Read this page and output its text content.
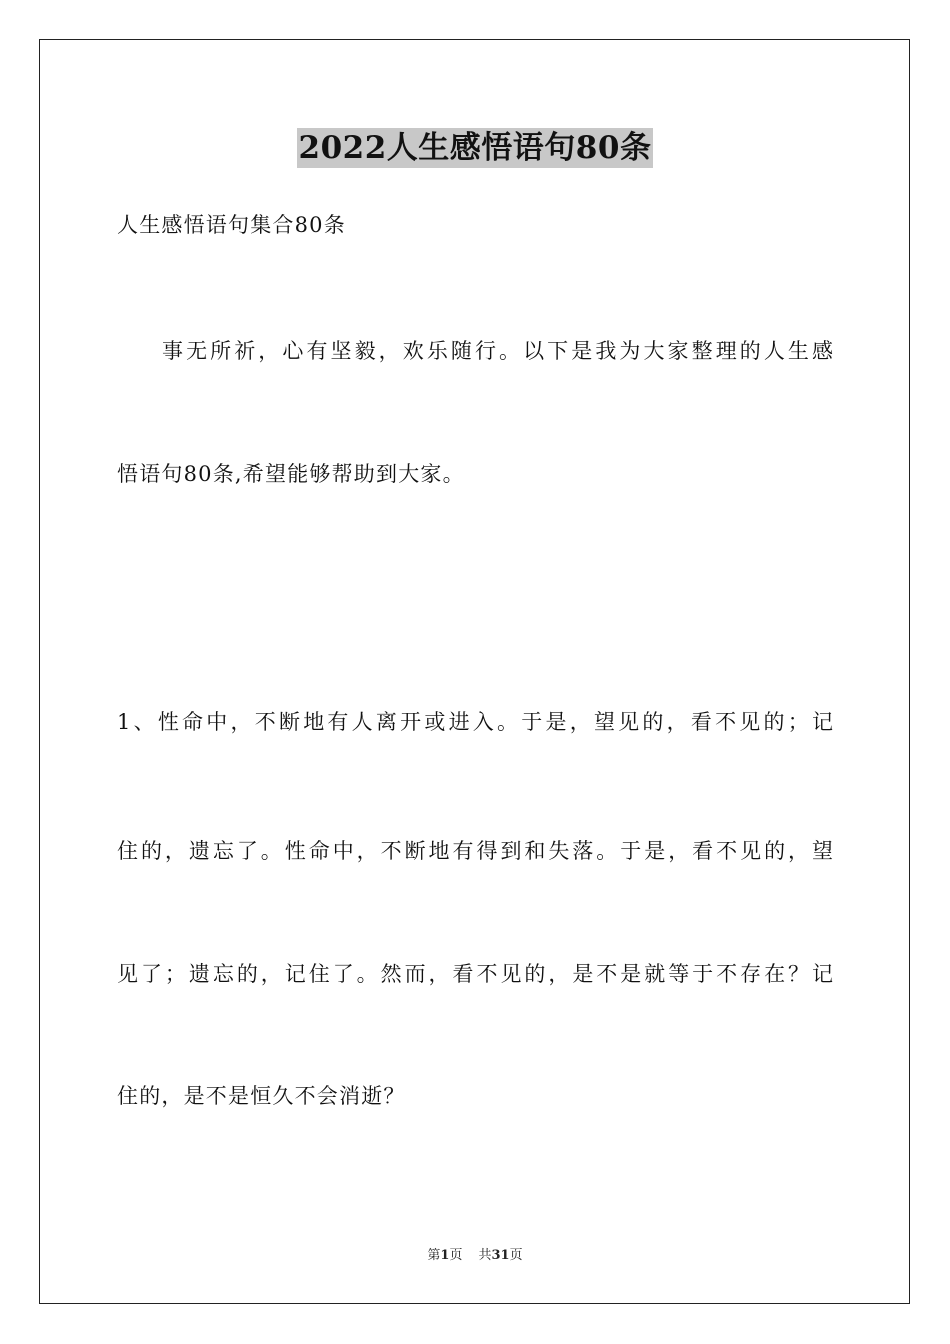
2022人生感悟语句80条
人生感悟语句集合80条
事无所祈，心有坚毅，欢乐随行。以下是我为大家整理的人生感
悟语句80条,希望能够帮助到大家。
1、性命中，不断地有人离开或进入。于是，望见的，看不见的；记
住的，遗忘了。性命中，不断地有得到和失落。于是，看不见的，望
见了；遗忘的，记住了。然而，看不见的，是不是就等于不存在？记
住的，是不是恒久不会消逝？
第1页 共31页
